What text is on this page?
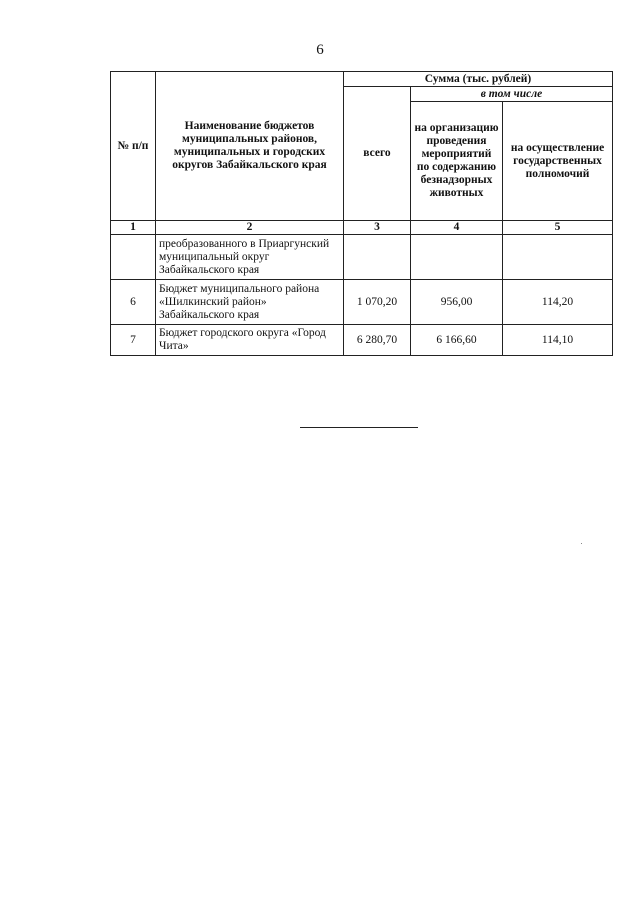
6
№ п/п	Наименование бюджетов муниципальных районов, муниципальных и городских округов Забайкальского края	Сумма (тыс. рублей)		
		всего	в том числе	
			на организацию проведения мероприятий по содержанию безнадзорных животных	на осуществление государственных полномочий
1	2	3	4	5
	преобразованного в Приаргунский муниципальный округ Забайкальского края			
6	Бюджет муниципального района «Шилкинский район» Забайкальского края	1 070,20	956,00	114,20
7	Бюджет городского округа «Город Чита»	6 280,70	6 166,60	114,10
